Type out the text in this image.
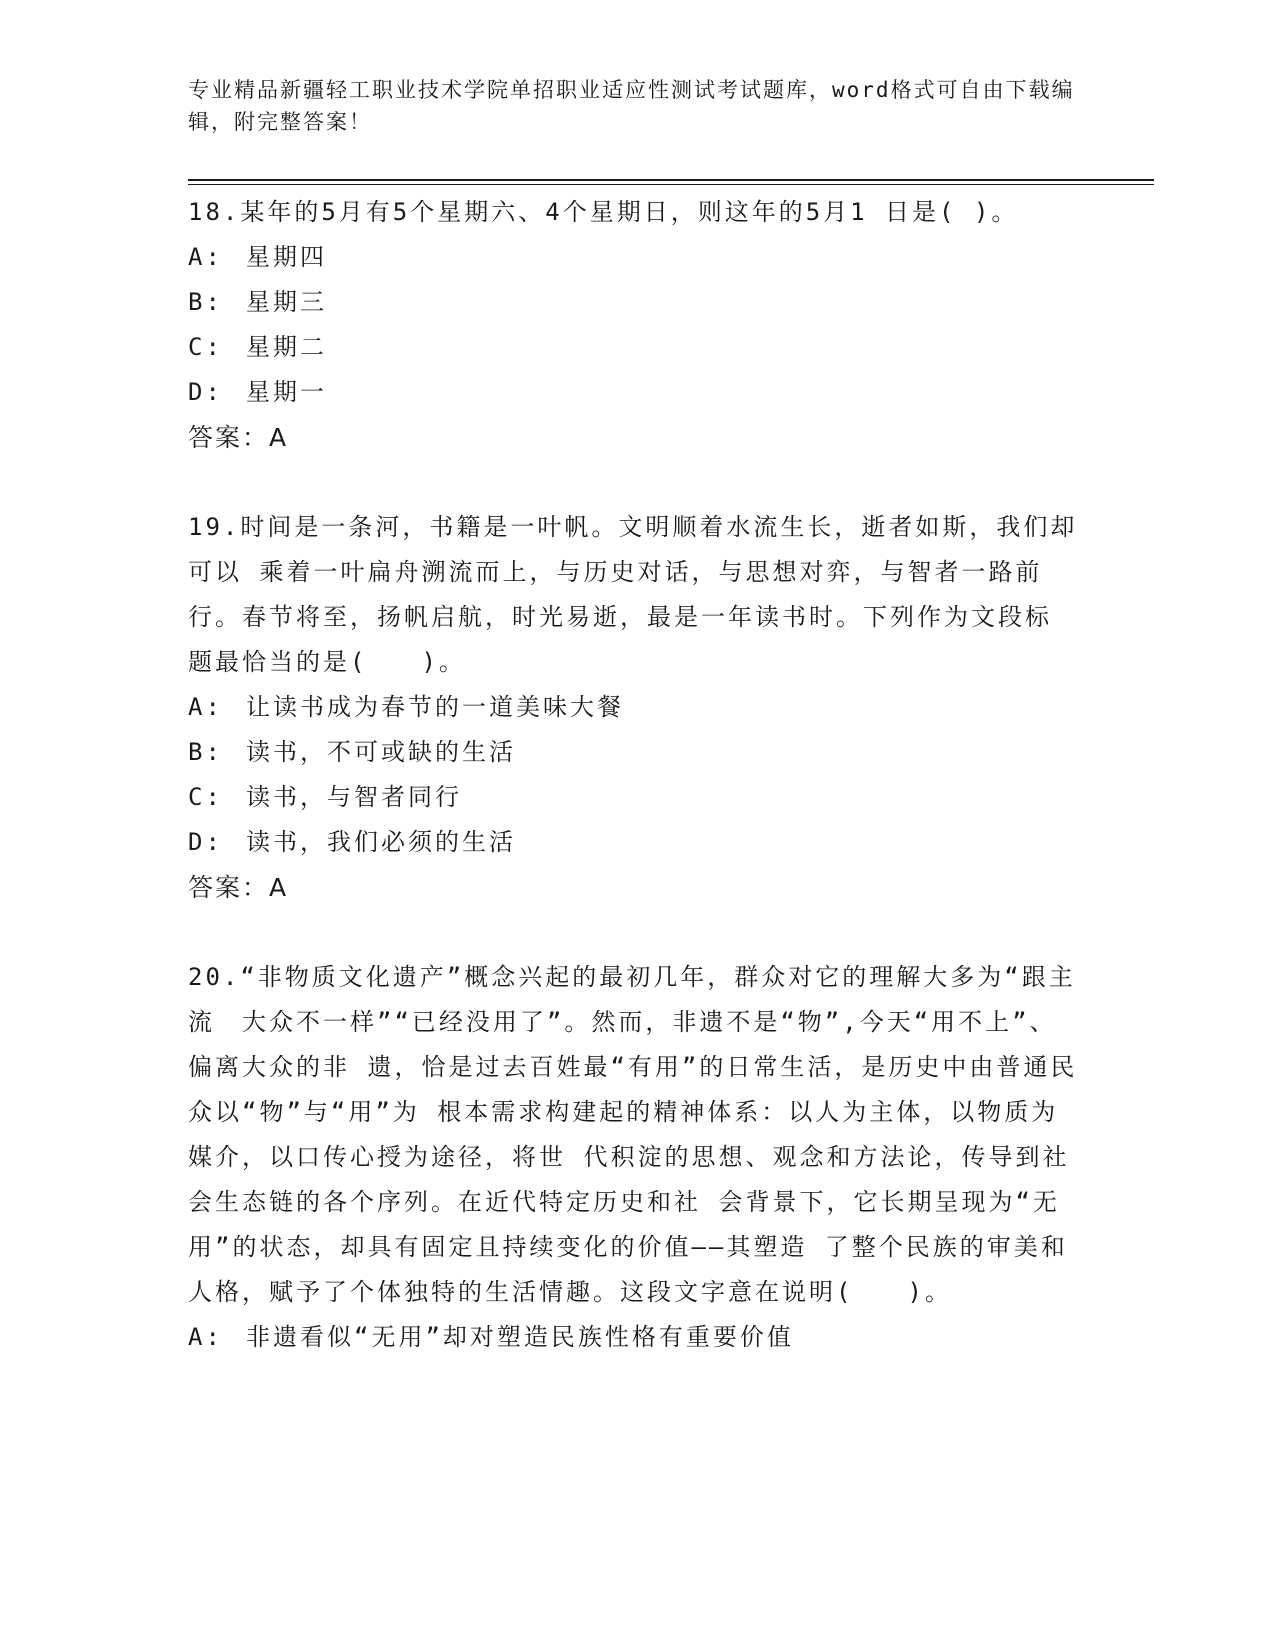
专业精品新疆轻工职业技术学院单招职业适应性测试考试题库，word格式可自由下载编辑，附完整答案！

18.某年的5月有5个星期六、4个星期日，则这年的5月1 日是( )。

A: 星期四

B: 星期三

C: 星期二

D: 星期一

答案：A

19.时间是一条河，书籍是一叶帆。文明顺着水流生长，逝者如斯，我们却可以 乘着一叶扁舟溯流而上，与历史对话，与思想对弈，与智者一路前行。春节将至，扬帆启航，时光易逝，最是一年读书时。下列作为文段标题最恰当的是(　　)。

A: 让读书成为春节的一道美味大餐

B: 读书，不可或缺的生活

C: 读书，与智者同行

D: 读书，我们必须的生活

答案：A

20.“非物质文化遗产”概念兴起的最初几年，群众对它的理解大多为“跟主流　大众不一样”“已经没用了”。然而，非遗不是“物”,今天“用不上”、偏离大众的非 遗，恰是过去百姓最“有用”的日常生活，是历史中由普通民众以“物”与“用”为 根本需求构建起的精神体系：以人为主体，以物质为媒介，以口传心授为途径，将世 代积淀的思想、观念和方法论，传导到社会生态链的各个序列。在近代特定历史和社 会背景下，它长期呈现为“无用”的状态，却具有固定且持续变化的价值——其塑造 了整个民族的审美和人格，赋予了个体独特的生活情趣。这段文字意在说明(　　)。

A: 非遗看似“无用”却对塑造民族性格有重要价值
